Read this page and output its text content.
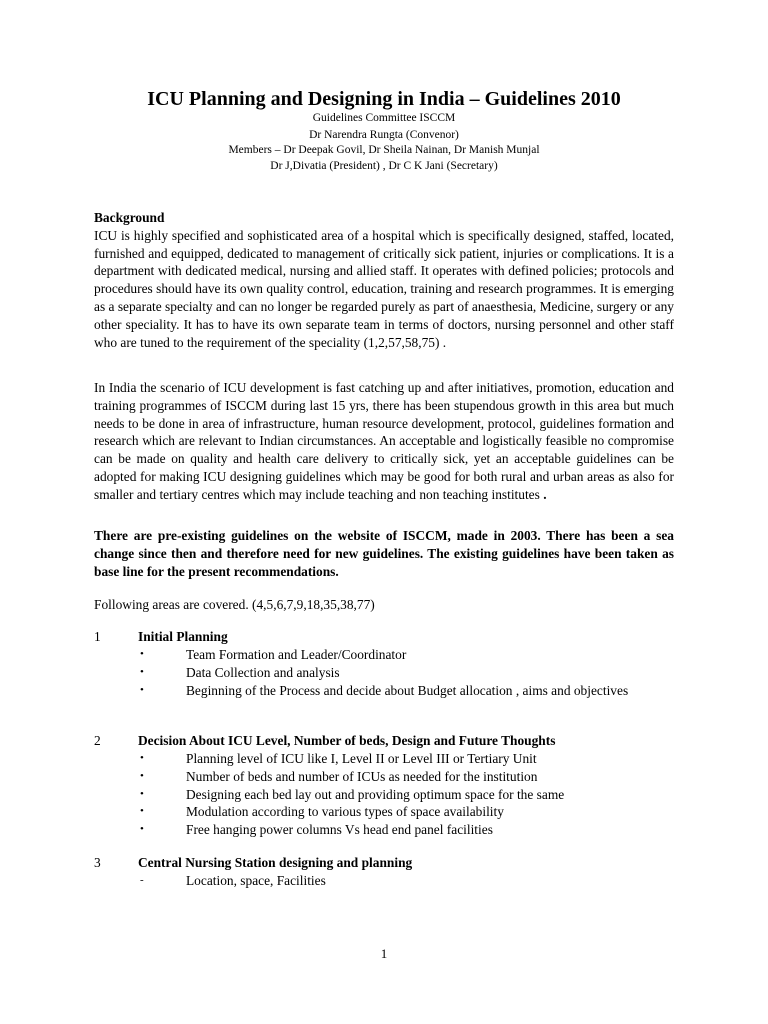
ICU Planning and Designing in India – Guidelines 2010

Guidelines Committee ISCCM

Dr Narendra Rungta (Convenor)

Members – Dr Deepak Govil, Dr Sheila Nainan, Dr Manish Munjal

Dr J,Divatia (President) , Dr C K Jani (Secretary)

Background

ICU is highly specified and sophisticated area of a hospital which is specifically designed, staffed, located, furnished and equipped, dedicated to management of critically sick patient, injuries or complications. It is a department with dedicated medical, nursing and allied staff. It operates with defined policies; protocols and procedures should have its own quality control, education, training and research programmes. It is emerging as a separate specialty and can no longer be regarded purely as part of anaesthesia, Medicine, surgery or any other speciality. It has to have its own separate team in terms of doctors, nursing personnel and other staff who are tuned to the requirement of the speciality (1,2,57,58,75) .

In India the scenario of ICU development is fast catching up and after initiatives, promotion, education and training programmes of ISCCM during last 15 yrs, there has been stupendous growth in this area but much needs to be done in area of infrastructure, human resource development, protocol, guidelines formation and research which are relevant to Indian circumstances. An acceptable and logistically feasible no compromise can be made on quality and health care delivery to critically sick, yet an acceptable guidelines can be adopted for making ICU designing guidelines which may be good for both rural and urban areas as also for smaller and tertiary centres which may include teaching and non teaching institutes .

There are pre-existing guidelines on the website of ISCCM, made in 2003. There has been a sea change since then and therefore need for new guidelines. The existing guidelines have been taken as base line for the present recommendations.

Following areas are covered. (4,5,6,7,9,18,35,38,77)

1	Initial Planning

•	Team Formation and Leader/Coordinator
•	Data Collection and analysis
•	Beginning of the Process and decide about Budget allocation , aims and objectives
2	Decision About ICU Level, Number of beds, Design and Future Thoughts

•	Planning level of ICU like I, Level II or Level III or Tertiary Unit
•	Number of beds and number of ICUs as needed for the institution
•	Designing each bed lay out and providing optimum space for the same
•	Modulation according to various types of space availability
•	Free hanging power columns Vs head end panel facilities
3	Central Nursing Station designing and planning

-	Location, space, Facilities
1
